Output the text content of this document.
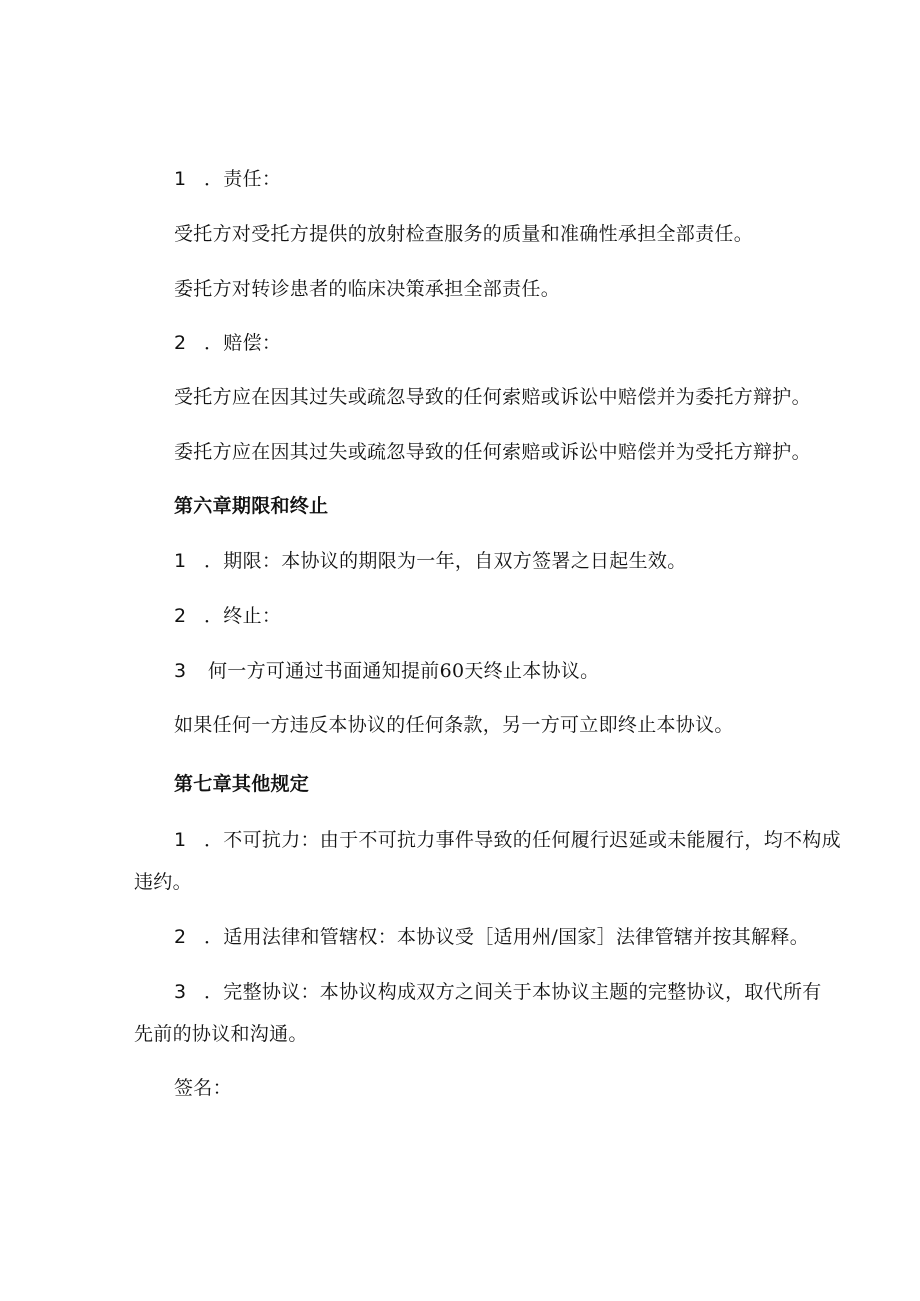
1 ．责任：

受托方对受托方提供的放射检查服务的质量和准确性承担全部责任。

委托方对转诊患者的临床决策承担全部责任。

2 ．赔偿：

受托方应在因其过失或疏忽导致的任何索赔或诉讼中赔偿并为委托方辩护。

委托方应在因其过失或疏忽导致的任何索赔或诉讼中赔偿并为受托方辩护。

第六章期限和终止

1 ．期限：本协议的期限为一年，自双方签署之日起生效。

2 ．终止：

3 何一方可通过书面通知提前60天终止本协议。

如果任何一方违反本协议的任何条款，另一方可立即终止本协议。

第七章其他规定

1 ．不可抗力：由于不可抗力事件导致的任何履行迟延或未能履行，均不构成

违约。

2 ．适用法律和管辖权：本协议受［适用州/国家］法律管辖并按其解释。

3 ．完整协议：本协议构成双方之间关于本协议主题的完整协议，取代所有

先前的协议和沟通。

签名：
